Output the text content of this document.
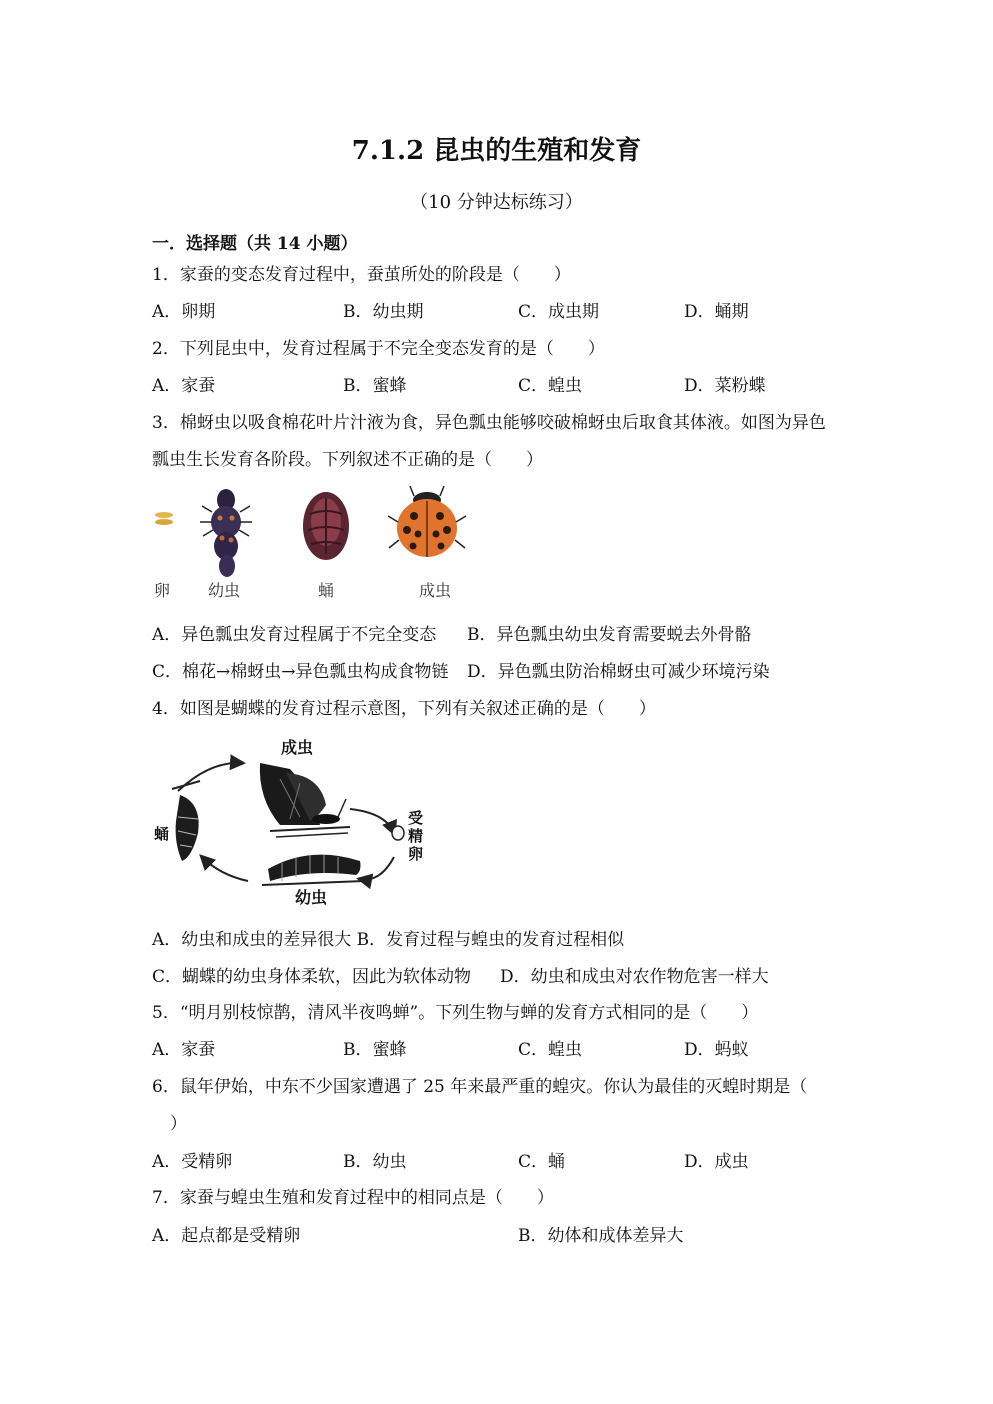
7.1.2 昆虫的生殖和发育
（10 分钟达标练习）
一．选择题（共 14 小题）
1．家蚕的变态发育过程中，蚕茧所处的阶段是（　　）
A．卵期	B．幼虫期	C．成虫期	D．蛹期
2．下列昆虫中，发育过程属于不完全变态发育的是（　　）
A．家蚕	B．蜜蜂	C．蝗虫	D．菜粉蝶
3．棉蚜虫以吸食棉花叶片汁液为食，异色瓢虫能够咬破棉蚜虫后取食其体液。如图为异色
瓢虫生长发育各阶段。下列叙述不正确的是（　　）
卵 幼虫	蛹	成虫
A．异色瓢虫发育过程属于不完全变态 B．异色瓢虫幼虫发育需要蜕去外骨骼
C．棉花→棉蚜虫→异色瓢虫构成食物链 D．异色瓢虫防治棉蚜虫可减少环境污染
4．如图是蝴蝶的发育过程示意图，下列有关叙述正确的是（　　）
成虫
受
精
卵
幼虫
蛹
A．幼虫和成虫的差异很大 B．发育过程与蝗虫的发育过程相似
C．蝴蝶的幼虫身体柔软，因此为软体动物 D．幼虫和成虫对农作物危害一样大
5．“明月别枝惊鹊，清风半夜鸣蝉”。下列生物与蝉的发育方式相同的是（　　）
A．家蚕	B．蜜蜂	C．蝗虫	D．蚂蚁
6．鼠年伊始，中东不少国家遭遇了 25 年来最严重的蝗灾。你认为最佳的灭蝗时期是（
）
A．受精卵	B．幼虫	C．蛹	D．成虫
7．家蚕与蝗虫生殖和发育过程中的相同点是（　　）
A．起点都是受精卵	B．幼体和成体差异大
